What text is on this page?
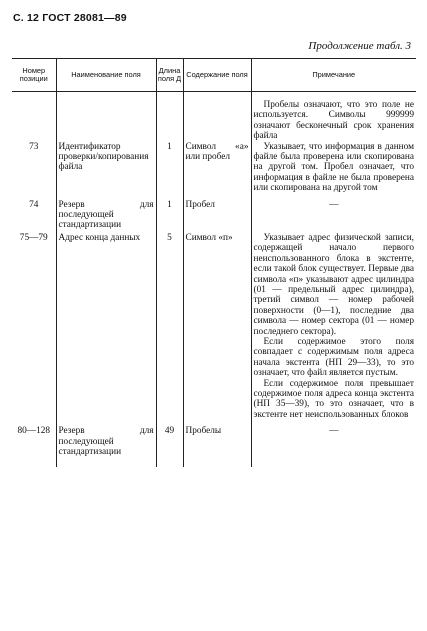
С. 12 ГОСТ 28081—89
Продолжение табл. 3
Номер позиции	Наименование поля	Длина поля Д	Содержание поля	Примечание

				Пробелы означают, что это поле не используется. Символы 999999 означают бесконечный срок хранения файла

73	Идентификатор проверки/копирования файла	1	Символ «а» или пробел	Указывает, что информация в данном файле была проверена или скопирована на другой том. Пробел означает, что информация в файле не была проверена или скопирована на другой том

74	Резерв для последующей стандартизации	1	Пробел	—

75—79	Адрес конца данных	5	Символ «п»	Указывает адрес физической записи, содержащей начало первого неиспользованного блока в экстенте, если такой блок существует. Первые два символа «п» указывают адрес цилиндра (01 — предельный адрес цилиндра), третий символ — номер рабочей поверхности (0—1), последние два символа — номер сектора (01 — номер последнего сектора).

Если содержимое этого поля совпадает с содержимым поля адреса начала экстента (НП 29—33), то это означает, что файл является пустым.

Если содержимое поля превышает содержимое поля адреса конца экстента (НП 35—39), то это означает, что в экстенте нет неиспользованных блоков

80—128	Резерв для последующей стандартизации	49	Пробелы	—
